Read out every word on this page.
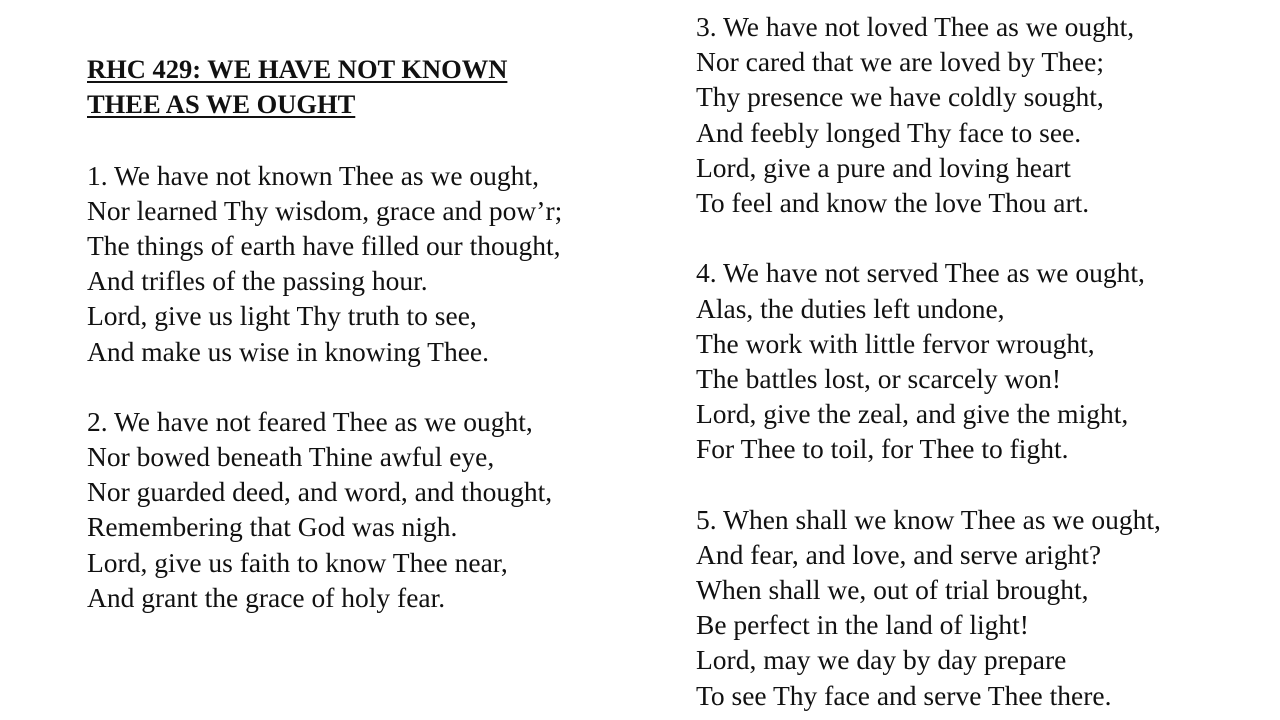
RHC 429: WE HAVE NOT KNOWN
THEE AS WE OUGHT
1. We have not known Thee as we ought,
Nor learned Thy wisdom, grace and pow’r;
The things of earth have filled our thought,
And trifles of the passing hour.
Lord, give us light Thy truth to see,
And make us wise in knowing Thee.
2. We have not feared Thee as we ought,
Nor bowed beneath Thine awful eye,
Nor guarded deed, and word, and thought,
Remembering that God was nigh.
Lord, give us faith to know Thee near,
And grant the grace of holy fear.
3. We have not loved Thee as we ought,
Nor cared that we are loved by Thee;
Thy presence we have coldly sought,
And feebly longed Thy face to see.
Lord, give a pure and loving heart
To feel and know the love Thou art.
4. We have not served Thee as we ought,
Alas, the duties left undone,
The work with little fervor wrought,
The battles lost, or scarcely won!
Lord, give the zeal, and give the might,
For Thee to toil, for Thee to fight.
5. When shall we know Thee as we ought,
And fear, and love, and serve aright?
When shall we, out of trial brought,
Be perfect in the land of light!
Lord, may we day by day prepare
To see Thy face and serve Thee there.
